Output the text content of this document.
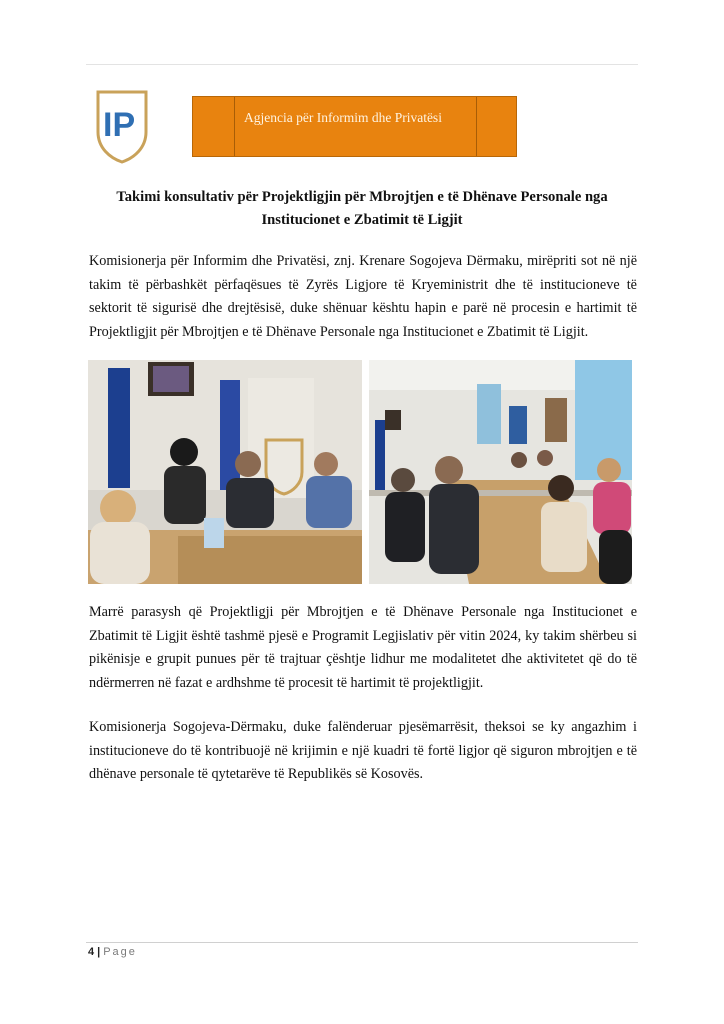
IP	Agjencia për Informim dhe Privatësi
Takimi konsultativ për Projektligjin për Mbrojtjen e të Dhënave Personale nga
Institucionet e Zbatimit të Ligjit
Komisionerja për Informim dhe Privatësi, znj. Krenare Sogojeva Dërmaku, mirëpriti sot në një takim të përbashkët përfaqësues të Zyrës Ligjore të Kryeministrit dhe të institucioneve të sektorit të sigurisë dhe drejtësisë, duke shënuar kështu hapin e parë në procesin e hartimit të Projektligjit për Mbrojtjen e të Dhënave Personale nga Institucionet e Zbatimit të Ligjit.
Marrë parasysh që Projektligji për Mbrojtjen e të Dhënave Personale nga Institucionet e Zbatimit të Ligjit është tashmë pjesë e Programit Legjislativ për vitin 2024, ky takim shërbeu si pikënisje e grupit punues për të trajtuar çështje lidhur me modalitetet dhe aktivitetet që do të ndërmerren në fazat e ardhshme të procesit të hartimit të projektligjit.
Komisionerja Sogojeva-Dërmaku, duke falënderuar pjesëmarrësit, theksoi se ky angazhim i institucioneve do të kontribuojë në krijimin e një kuadri të fortë ligjor që siguron mbrojtjen e të dhënave personale të qytetarëve të Republikës së Kosovës.
4 | Page
